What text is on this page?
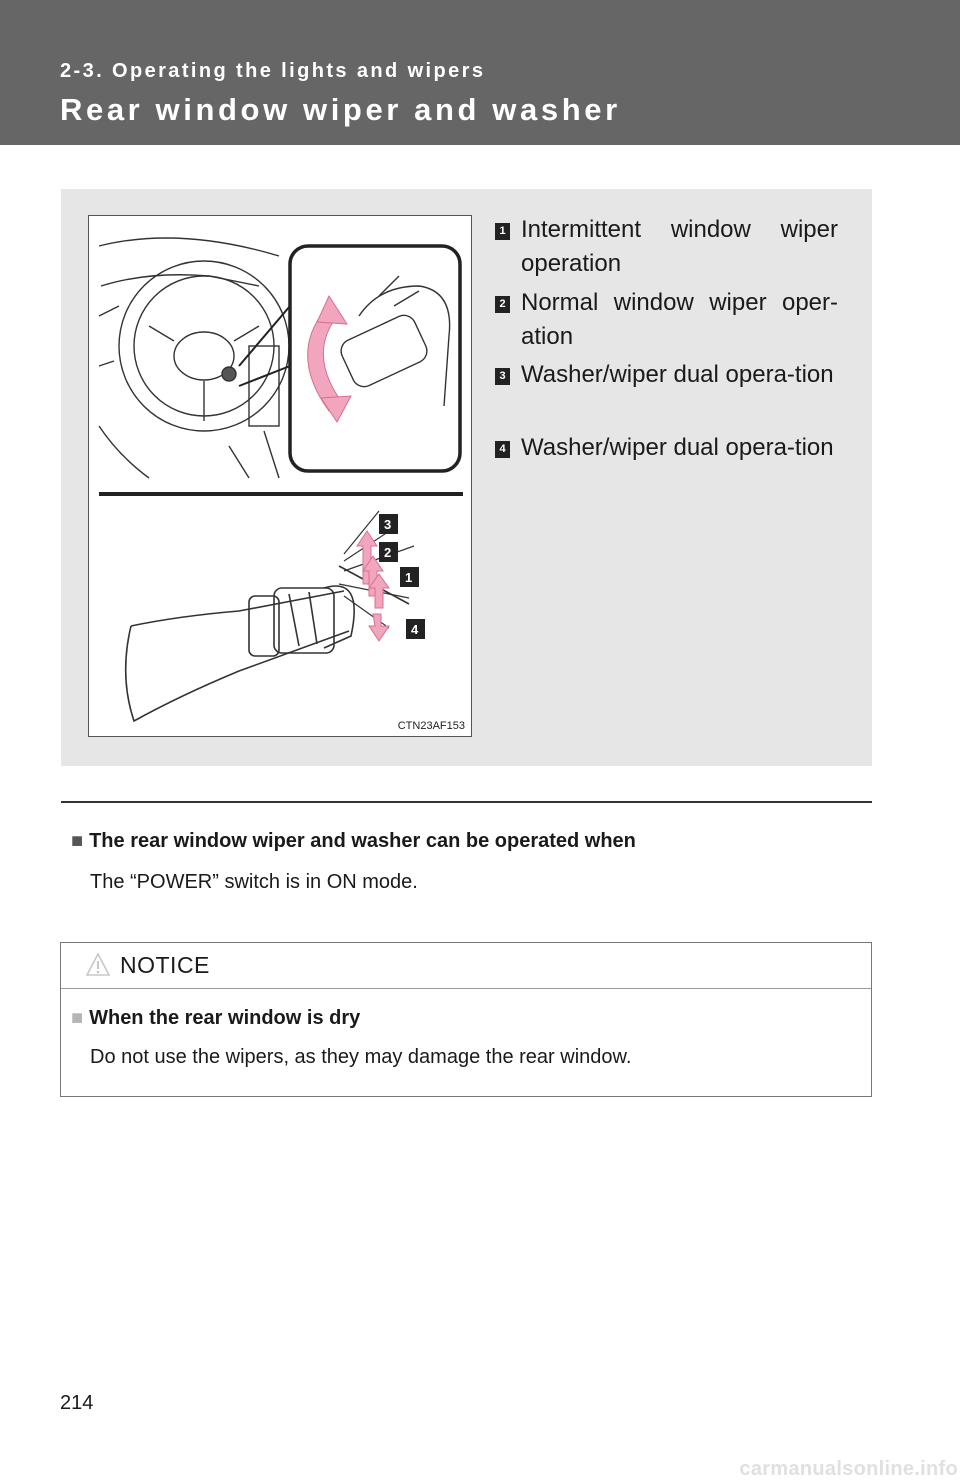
2-3. Operating the lights and wipers
Rear window wiper and washer
3
2
1
4
CTN23AF153
1 Intermittent window wiper operation
2 Normal window wiper oper-ation
3 Washer/wiper dual opera-tion
4 Washer/wiper dual opera-tion
■ The rear window wiper and washer can be operated when
The “POWER” switch is in ON mode.
NOTICE
■ When the rear window is dry
Do not use the wipers, as they may damage the rear window.
214
carmanualsonline.info
